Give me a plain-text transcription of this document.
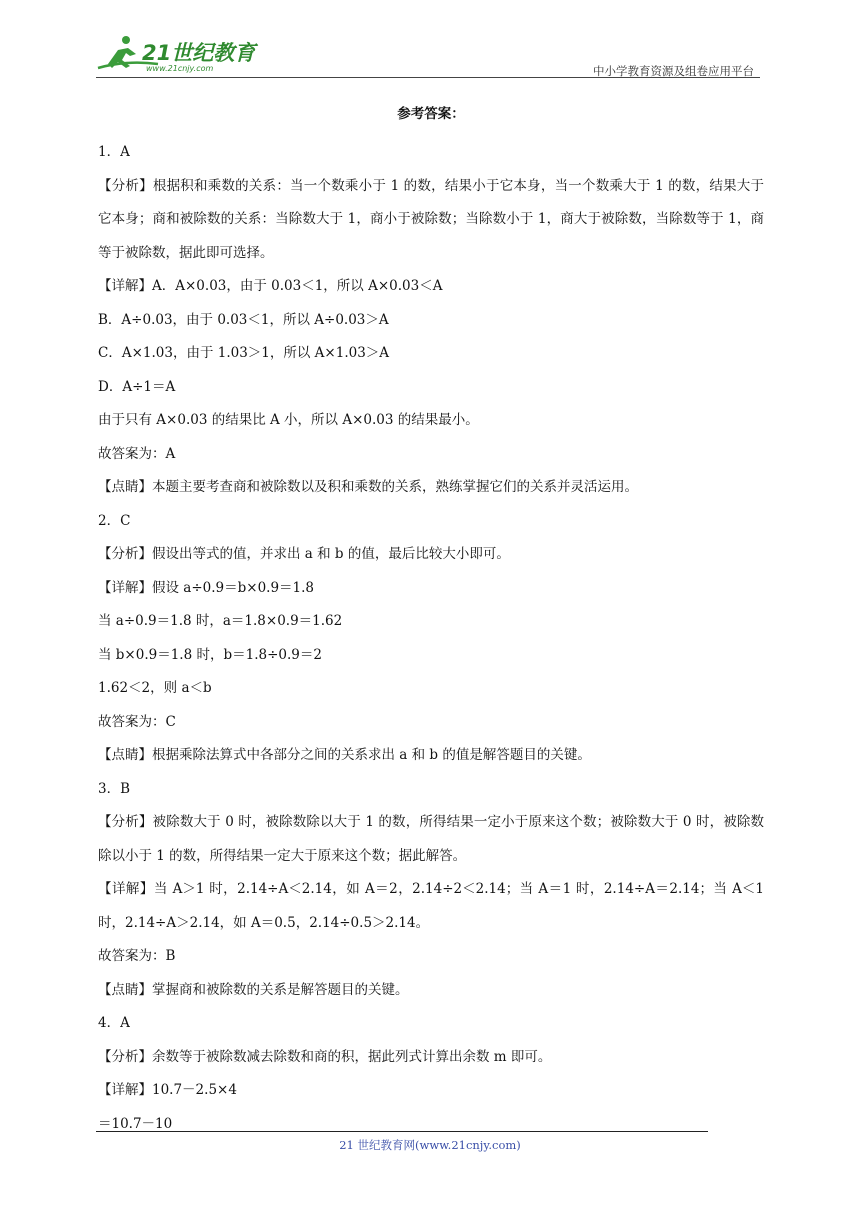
21世纪教育
www.21cnjy.com	中小学教育资源及组卷应用平台
参考答案：
1．A
【分析】根据积和乘数的关系：当一个数乘小于 1 的数，结果小于它本身，当一个数乘大于 1 的数，结果大于它本身；商和被除数的关系：当除数大于 1，商小于被除数；当除数小于 1，商大于被除数，当除数等于 1，商等于被除数，据此即可选择。
【详解】A．A×0.03，由于 0.03＜1，所以 A×0.03＜A
B．A÷0.03，由于 0.03＜1，所以 A÷0.03＞A
C．A×1.03，由于 1.03＞1，所以 A×1.03＞A
D．A÷1＝A
由于只有 A×0.03 的结果比 A 小，所以 A×0.03 的结果最小。
故答案为：A
【点睛】本题主要考查商和被除数以及积和乘数的关系，熟练掌握它们的关系并灵活运用。
2．C
【分析】假设出等式的值，并求出 a 和 b 的值，最后比较大小即可。
【详解】假设 a÷0.9＝b×0.9＝1.8
当 a÷0.9＝1.8 时，a＝1.8×0.9＝1.62
当 b×0.9＝1.8 时，b＝1.8÷0.9＝2
1.62＜2，则 a＜b
故答案为：C
【点睛】根据乘除法算式中各部分之间的关系求出 a 和 b 的值是解答题目的关键。
3．B
【分析】被除数大于 0 时，被除数除以大于 1 的数，所得结果一定小于原来这个数；被除数大于 0 时，被除数除以小于 1 的数，所得结果一定大于原来这个数；据此解答。
【详解】当 A＞1 时，2.14÷A＜2.14，如 A＝2，2.14÷2＜2.14；当 A＝1 时，2.14÷A＝2.14；当 A＜1 时，2.14÷A＞2.14，如 A＝0.5，2.14÷0.5＞2.14。
故答案为：B
【点睛】掌握商和被除数的关系是解答题目的关键。
4．A
【分析】余数等于被除数减去除数和商的积，据此列式计算出余数 m 即可。
【详解】10.7－2.5×4
＝10.7－10
21 世纪教育网(www.21cnjy.com)
